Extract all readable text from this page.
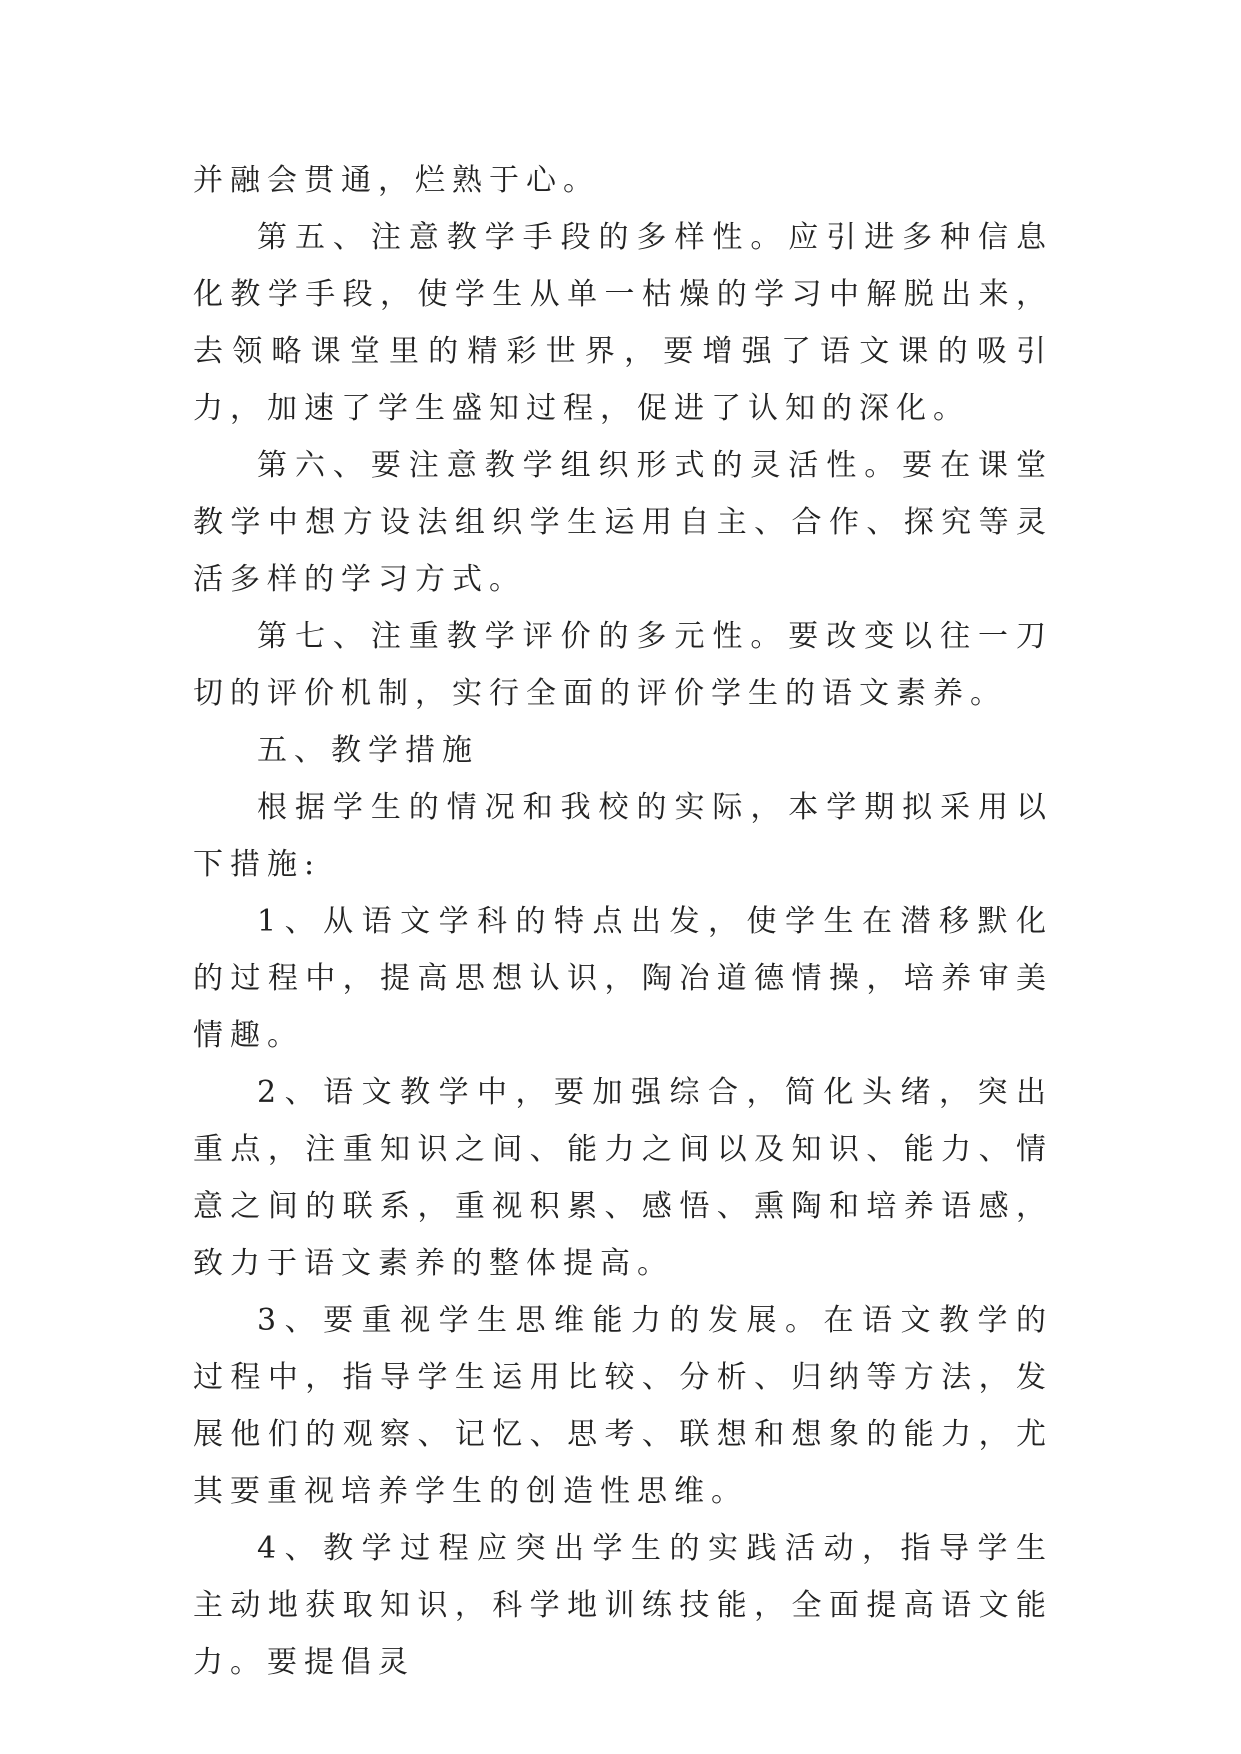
并融会贯通，烂熟于心。

第五、注意教学手段的多样性。应引进多种信息化教学手段，使学生从单一枯燥的学习中解脱出来，去领略课堂里的精彩世界，要增强了语文课的吸引力，加速了学生盛知过程，促进了认知的深化。

第六、要注意教学组织形式的灵活性。要在课堂教学中想方设法组织学生运用自主、合作、探究等灵活多样的学习方式。

第七、注重教学评价的多元性。要改变以往一刀切的评价机制，实行全面的评价学生的语文素养。

五、教学措施

根据学生的情况和我校的实际，本学期拟采用以下措施:

1、从语文学科的特点出发，使学生在潜移默化的过程中，提高思想认识，陶冶道德情操，培养审美情趣。

2、语文教学中，要加强综合，简化头绪，突出重点，注重知识之间、能力之间以及知识、能力、情意之间的联系，重视积累、感悟、熏陶和培养语感，致力于语文素养的整体提高。

3、要重视学生思维能力的发展。在语文教学的过程中，指导学生运用比较、分析、归纳等方法，发展他们的观察、记忆、思考、联想和想象的能力，尤其要重视培养学生的创造性思维。

4、教学过程应突出学生的实践活动，指导学生主动地获取知识，科学地训练技能，全面提高语文能力。要提倡灵
